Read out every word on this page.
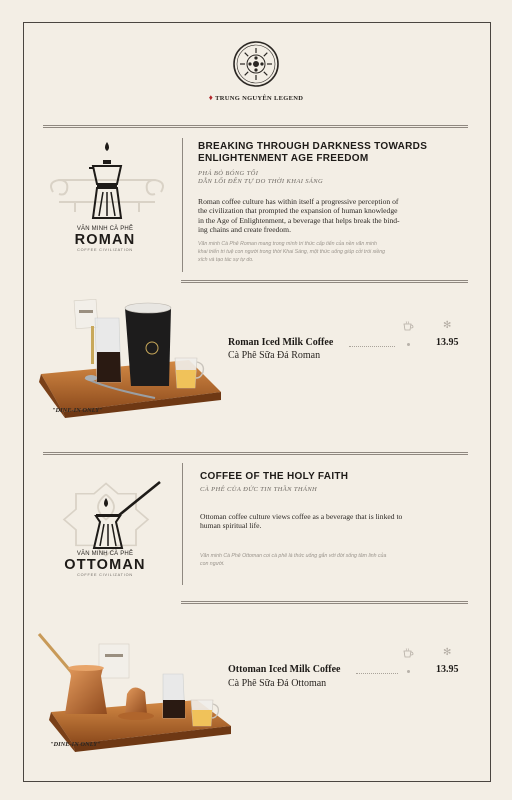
♦ TRUNG NGUYÊN LEGEND
VĂN MINH CÀ PHÊ
ROMAN
COFFEE CIVILIZATION
BREAKING THROUGH DARKNESS TOWARDS
ENLIGHTENMENT AGE FREEDOM
PHÁ BỎ BÓNG TỐI
DẪN LỐI ĐẾN TỰ DO THỜI KHAI SÁNG
Roman coffee culture has within itself a progressive perception of
the civilization that prompted the expansion of human knowledge
in the Age of Enlightenment, a beverage that helps break the bind-
ing chains and create freedom.
Văn minh Cà Phê Roman mang trong mình tri thức cấp tiến của nền văn minh
khai triển tri tuệ con người trong thời Khai Sáng, một thức uống giúp cởi trói xiềng
xích và tạo tác sự tự do.
"DINE-IN ONLY"
✻
Roman Iced Milk Coffee	13.95
Cà Phê Sữa Đá Roman
VĂN MINH CÀ PHÊ
OTTOMAN
COFFEE CIVILIZATION
COFFEE OF THE HOLY FAITH
CÀ PHÊ CỦA ĐỨC TIN THẦN THÁNH
Ottoman coffee culture views coffee as a beverage that is linked to
human spiritual life.
Văn minh Cà Phê Ottoman coi cà phê là thức uống gắn với đời sống tâm linh của
con người.
"DINE-IN ONLY"
✻
Ottoman Iced Milk Coffee	13.95
Cà Phê Sữa Đá Ottoman
